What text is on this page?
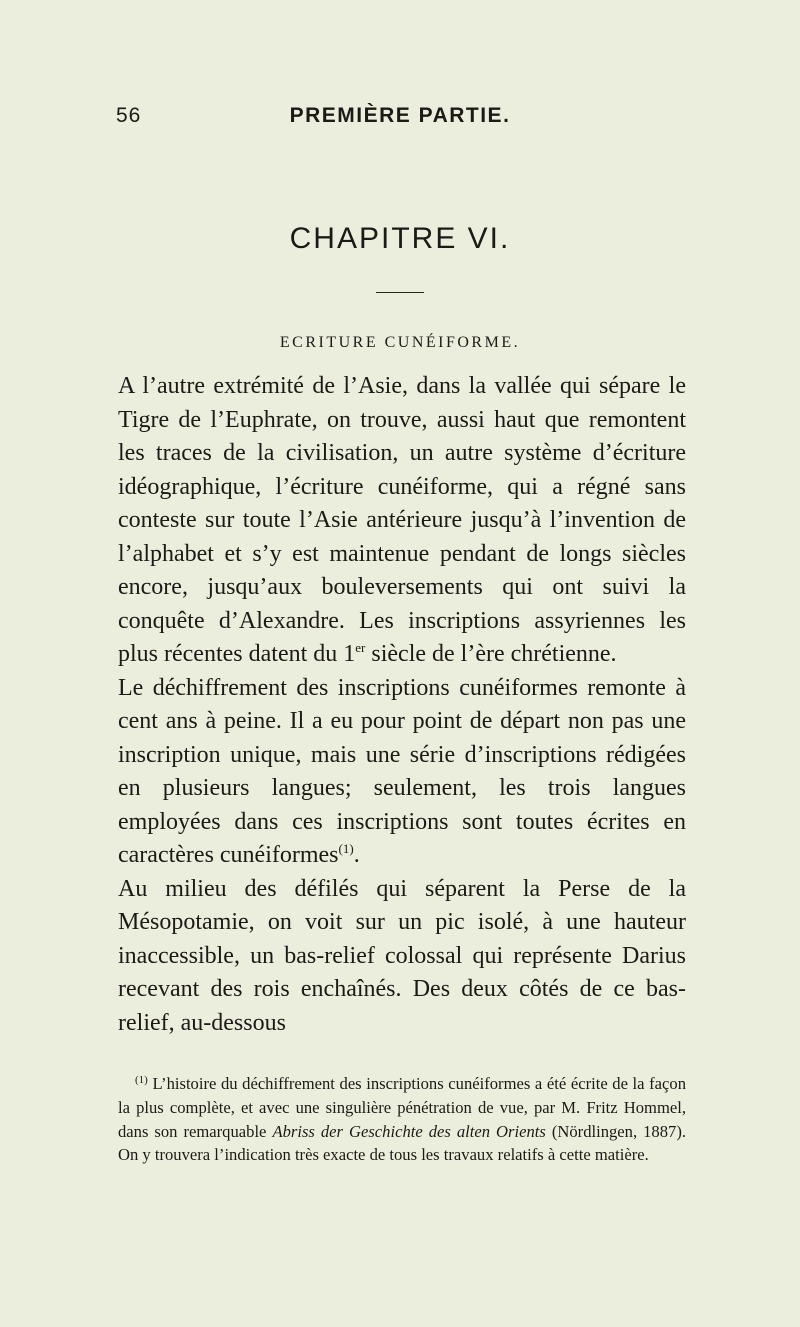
56	PREMIÈRE PARTIE.
CHAPITRE VI.
ECRITURE CUNÉIFORME.

A l’autre extrémité de l’Asie, dans la vallée qui sépare le Tigre de l’Euphrate, on trouve, aussi haut que remontent les traces de la civilisation, un autre système d’écriture idéographique, l’écriture cunéiforme, qui a régné sans conteste sur toute l’Asie antérieure jusqu’à l’invention de l’alphabet et s’y est maintenue pendant de longs siècles encore, jusqu’aux bouleversements qui ont suivi la conquête d’Alexandre. Les inscriptions assyriennes les plus récentes datent du 1er siècle de l’ère chrétienne.

Le déchiffrement des inscriptions cunéiformes remonte à cent ans à peine. Il a eu pour point de départ non pas une inscription unique, mais une série d’inscriptions rédigées en plusieurs langues; seulement, les trois langues employées dans ces inscriptions sont toutes écrites en caractères cunéiformes$^{(1)}$.

Au milieu des défilés qui séparent la Perse de la Mésopotamie, on voit sur un pic isolé, à une hauteur inaccessible, un bas-relief colossal qui représente Darius recevant des rois enchaînés. Des deux côtés de ce bas-relief, au-dessous

$^{(1)}$ L’histoire du déchiffrement des inscriptions cunéiformes a été écrite de la façon la plus complète, et avec une singulière pénétration de vue, par M. Fritz Hommel, dans son remarquable Abriss der Geschichte des alten Orients (Nördlingen, 1887). On y trouvera l’indication très exacte de tous les travaux relatifs à cette matière.
